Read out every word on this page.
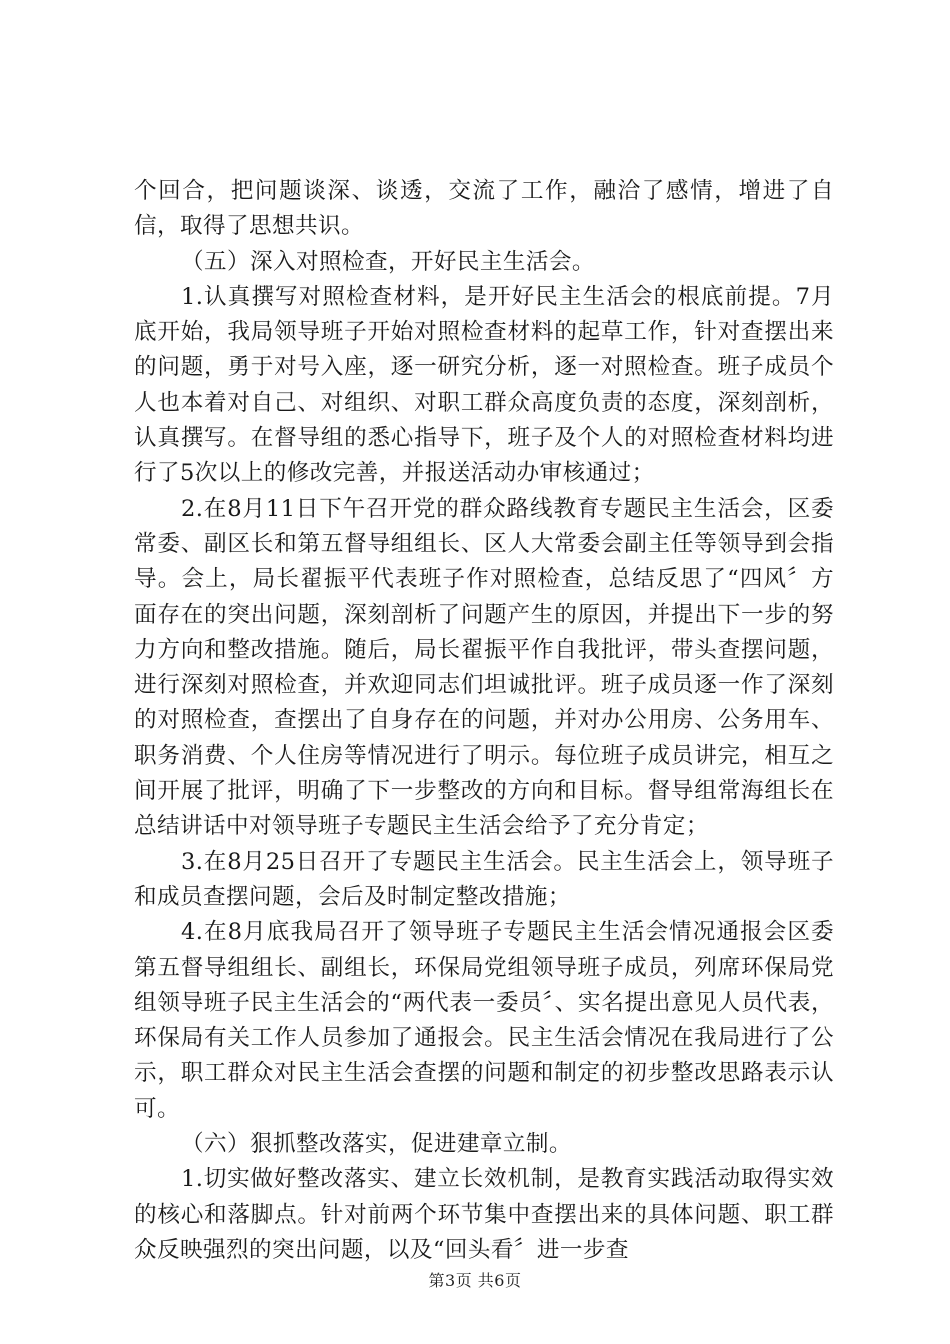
个回合，把问题谈深、谈透，交流了工作，融洽了感情，增进了自信，取得了思想共识。

（五）深入对照检查，开好民主生活会。

1.认真撰写对照检查材料，是开好民主生活会的根底前提。7月底开始，我局领导班子开始对照检查材料的起草工作，针对查摆出来的问题，勇于对号入座，逐一研究分析，逐一对照检查。班子成员个人也本着对自己、对组织、对职工群众高度负责的态度，深刻剖析，认真撰写。在督导组的悉心指导下，班子及个人的对照检查材料均进行了5次以上的修改完善，并报送活动办审核通过；

2.在8月11日下午召开党的群众路线教育专题民主生活会，区委常委、副区长和第五督导组组长、区人大常委会副主任等领导到会指导。会上，局长翟振平代表班子作对照检查，总结反思了“四风〞方面存在的突出问题，深刻剖析了问题产生的原因，并提出下一步的努力方向和整改措施。随后，局长翟振平作自我批评，带头查摆问题，进行深刻对照检查，并欢迎同志们坦诚批评。班子成员逐一作了深刻的对照检查，查摆出了自身存在的问题，并对办公用房、公务用车、职务消费、个人住房等情况进行了明示。每位班子成员讲完，相互之间开展了批评，明确了下一步整改的方向和目标。督导组常海组长在总结讲话中对领导班子专题民主生活会给予了充分肯定；

3.在8月25日召开了专题民主生活会。民主生活会上，领导班子和成员查摆问题，会后及时制定整改措施；

4.在8月底我局召开了领导班子专题民主生活会情况通报会区委第五督导组组长、副组长，环保局党组领导班子成员，列席环保局党组领导班子民主生活会的“两代表一委员〞、实名提出意见人员代表，环保局有关工作人员参加了通报会。民主生活会情况在我局进行了公示，职工群众对民主生活会查摆的问题和制定的初步整改思路表示认可。

（六）狠抓整改落实，促进建章立制。

1.切实做好整改落实、建立长效机制，是教育实践活动取得实效的核心和落脚点。针对前两个环节集中查摆出来的具体问题、职工群众反映强烈的突出问题，以及“回头看〞进一步查

第3页 共6页
